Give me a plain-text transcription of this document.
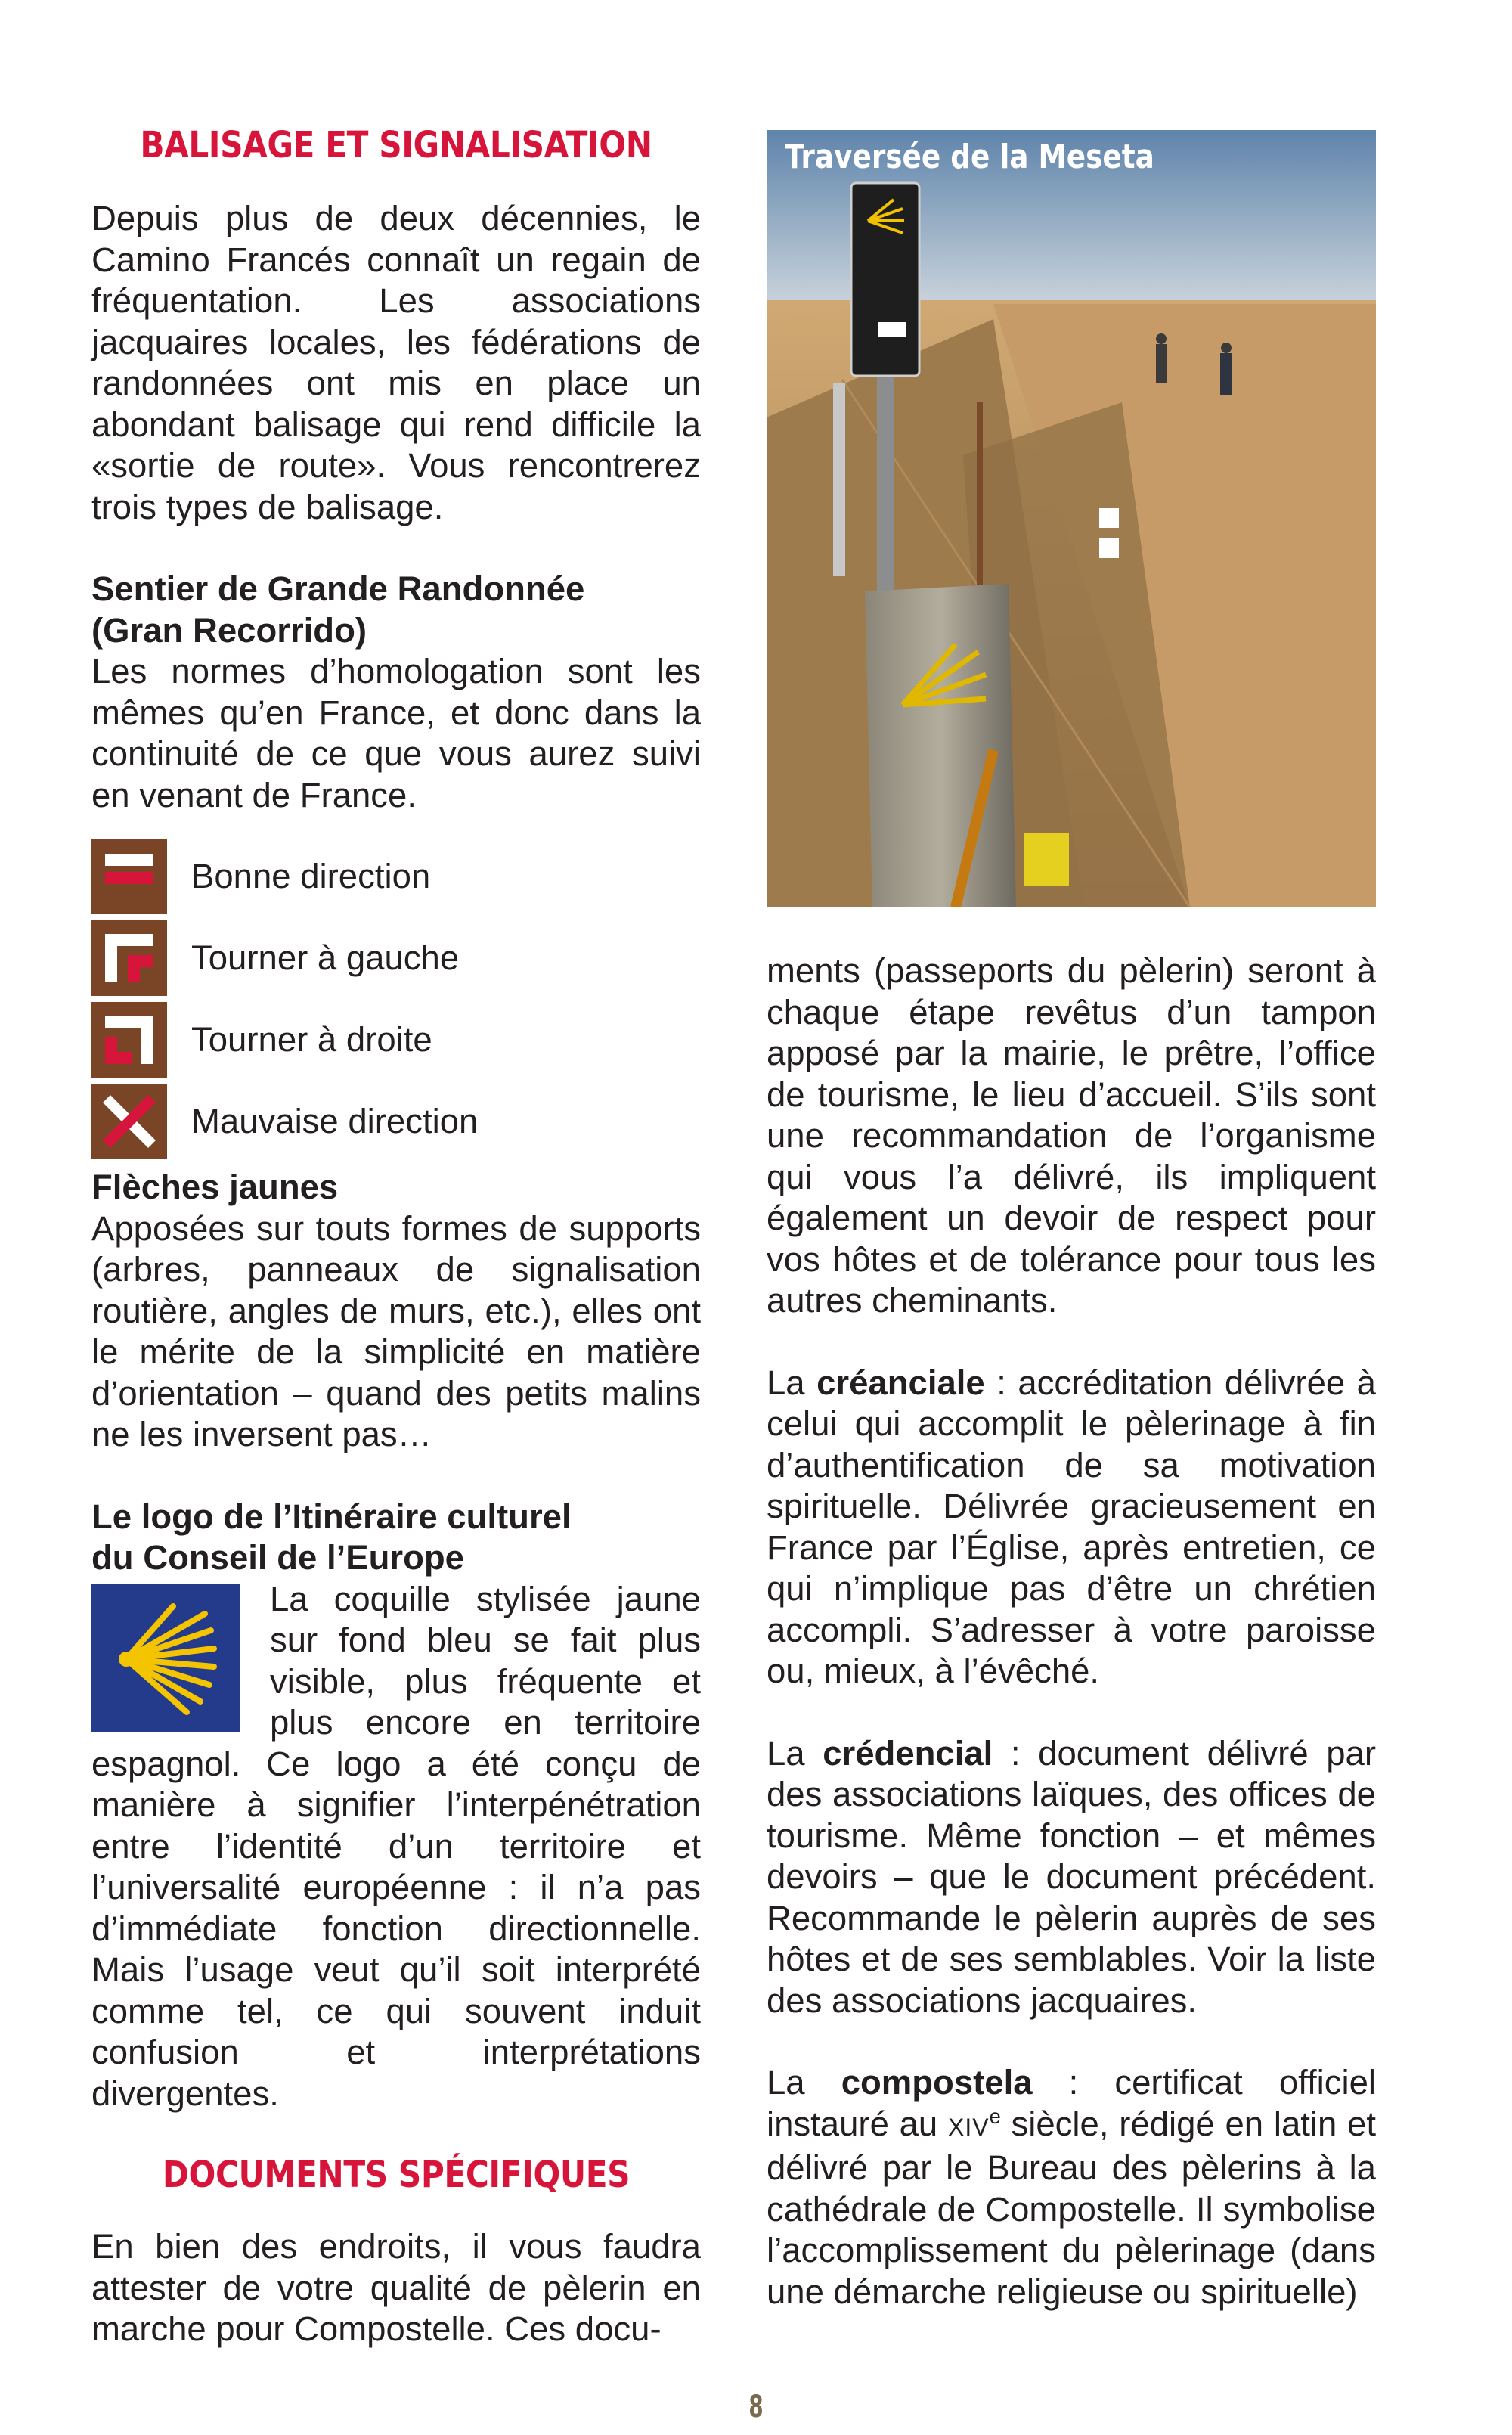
BALISAGE ET SIGNALISATION

Depuis plus de deux décennies, le Camino Francés connaît un regain de fréquentation. Les associations jacquaires locales, les fédérations de randonnées ont mis en place un abondant balisage qui rend difficile la «sortie de route». Vous rencontrerez trois types de balisage.

Sentier de Grande Randonnée
(Gran Recorrido)

Les normes d’homologation sont les mêmes qu’en France, et donc dans la continuité de ce que vous aurez suivi en venant de France.

Bonne direction
Tourner à gauche
Tourner à droite
Mauvaise direction
Flèches jaunes

Apposées sur touts formes de supports (arbres, panneaux de signalisation routière, angles de murs, etc.), elles ont le mérite de la simplicité en matière d’orientation – quand des petits malins ne les inversent pas…

Le logo de l’Itinéraire culturel
du Conseil de l’Europe

La coquille stylisée jaune sur fond bleu se fait plus visible, plus fréquente et plus encore en territoire espagnol. Ce logo a été conçu de manière à signifier l’interpénétration entre l’identité d’un territoire et l’universalité européenne : il n’a pas d’immédiate fonction directionnelle. Mais l’usage veut qu’il soit interprété comme tel, ce qui souvent induit confusion et interprétations divergentes.

DOCUMENTS SPÉCIFIQUES

En bien des endroits, il vous faudra attester de votre qualité de pèlerin en marche pour Compostelle. Ces docu-

Traversée de la Meseta

ments (passeports du pèlerin) seront à chaque étape revêtus d’un tampon apposé par la mairie, le prêtre, l’office de tourisme, le lieu d’accueil. S’ils sont une recommandation de l’organisme qui vous l’a délivré, ils impliquent également un devoir de respect pour vos hôtes et de tolérance pour tous les autres cheminants.

La créanciale : accréditation délivrée à celui qui accomplit le pèlerinage à fin d’authentification de sa motivation spirituelle. Délivrée gracieusement en France par l’Église, après entretien, ce qui n’implique pas d’être un chrétien accompli. S’adresser à votre paroisse ou, mieux, à l’évêché.

La crédencial : document délivré par des associations laïques, des offices de tourisme. Même fonction – et mêmes devoirs – que le document précédent. Recommande le pèlerin auprès de ses hôtes et de ses semblables. Voir la liste des associations jacquaires.

La compostela : certificat officiel instauré au XIVe siècle, rédigé en latin et délivré par le Bureau des pèlerins à la cathédrale de Compostelle. Il symbolise l’accomplissement du pèlerinage (dans une démarche religieuse ou spirituelle)

8
